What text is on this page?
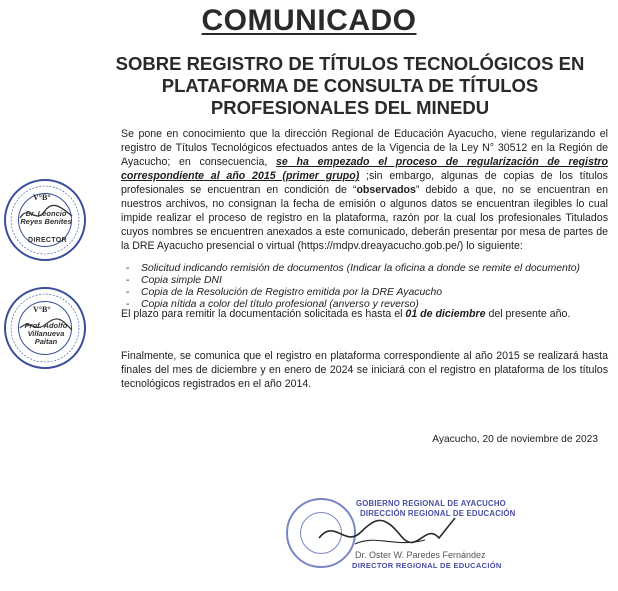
COMUNICADO
SOBRE REGISTRO DE TÍTULOS TECNOLÓGICOS EN PLATAFORMA DE CONSULTA DE TÍTULOS PROFESIONALES DEL MINEDU

Se pone en conocimiento que la dirección Regional de Educación Ayacucho, viene regularizando el registro de Títulos Tecnológicos efectuados antes de la Vigencia de la Ley N° 30512 en la Región de Ayacucho; en consecuencia, se ha empezado el proceso de regularización de registro correspondiente al año 2015 (primer grupo) ;sin embargo, algunas de copias de los títulos profesionales se encuentran en condición de “observados” debido a que, no se encuentran en nuestros archivos, no consignan la fecha de emisión o algunos datos se encuentran ilegibles lo cual impide realizar el proceso de registro en la plataforma, razón por la cual los profesionales Titulados cuyos nombres se encuentren anexados a este comunicado, deberán presentar por mesa de partes de la DRE Ayacucho presencial o virtual (https://mdpv.dreayacucho.gob.pe/) lo siguiente:

- Solicitud indicando remisión de documentos (Indicar la oficina a donde se remite el documento)
- Copia simple DNI
- Copia de la Resolución de Registro emitida por la DRE Ayacucho
- Copia nítida a color del título profesional (anverso y reverso)

El plazo para remitir la documentación solicitada es hasta el 01 de diciembre del presente año.

Finalmente, se comunica que el registro en plataforma correspondiente al año 2015 se realizará hasta finales del mes de diciembre y en enero de 2024 se iniciará con el registro en plataforma de los títulos tecnológicos registrados en el año 2014.

Ayacucho, 20 de noviembre de 2023
V°B°
Dr. Leoncio Reyes Benites
DIRECTOR
V°B°
Prof. Adolfo Villanueva Paitan
GOBIERNO REGIONAL DE AYACUCHO
DIRECCIÓN REGIONAL DE EDUCACIÓN
Dr. Oster W. Paredes Fernández
DIRECTOR REGIONAL DE EDUCACIÓN
